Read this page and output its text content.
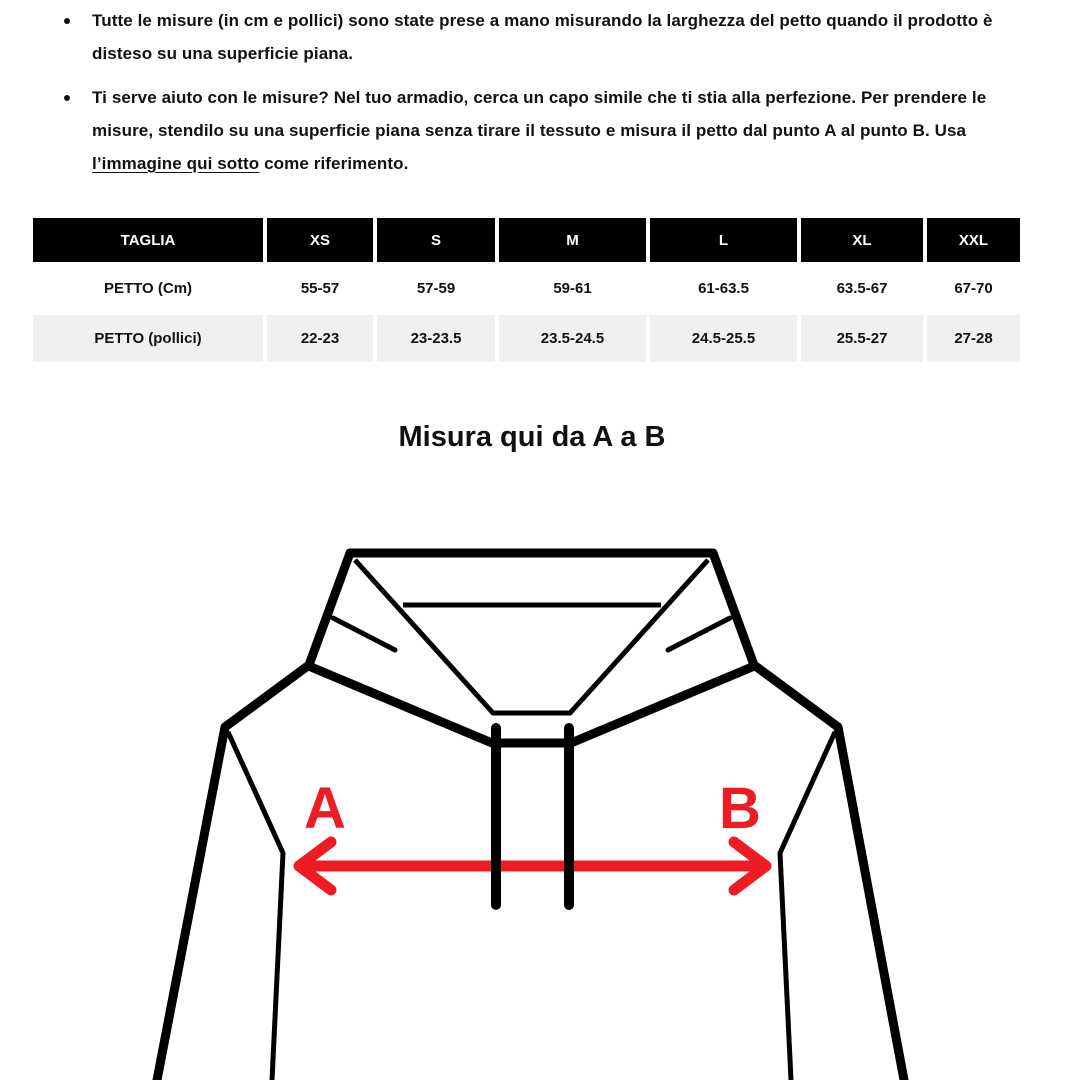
Tutte le misure (in cm e pollici) sono state prese a mano misurando la larghezza del petto quando il prodotto è disteso su una superficie piana.
Ti serve aiuto con le misure? Nel tuo armadio, cerca un capo simile che ti stia alla perfezione. Per prendere le misure, stendilo su una superficie piana senza tirare il tessuto e misura il petto dal punto A al punto B. Usa l’immagine qui sotto come riferimento.
TAGLIA	XS	S	M	L	XL	XXL
PETTO (Cm)	55-57	57-59	59-61	61-63.5	63.5-67	67-70
PETTO (pollici)	22-23	23-23.5	23.5-24.5	24.5-25.5	25.5-27	27-28
Misura qui da A a B
A	B
